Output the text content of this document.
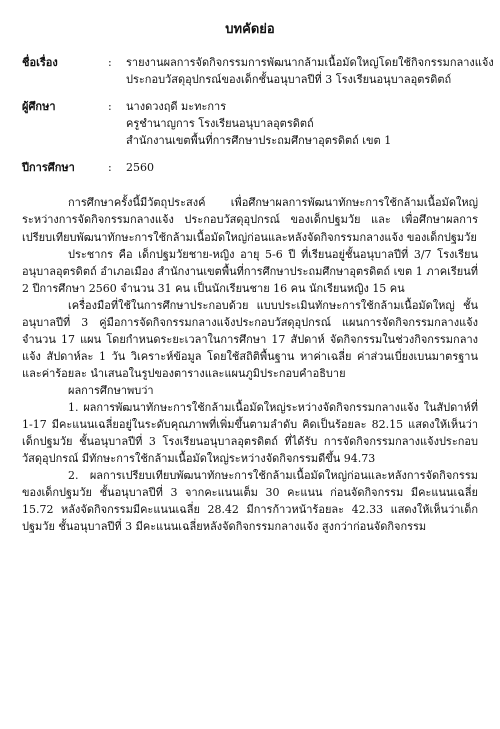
บทคัดย่อ
ชื่อเรื่อง	:	รายงานผลการจัดกิจกรรมการพัฒนากล้ามเนื้อมัดใหญ่โดยใช้กิจกรรมกลางแจ้ง
ประกอบวัสดุอุปกรณ์ของเด็กชั้นอนุบาลปีที่ 3 โรงเรียนอนุบาลอุตรดิตถ์
ผู้ศึกษา	:	นางดวงฤดี มะทะการ
ครูชำนาญการ โรงเรียนอนุบาลอุตรดิตถ์
สำนักงานเขตพื้นที่การศึกษาประถมศึกษาอุตรดิตถ์ เขต 1
ปีการศึกษา	:	2560

การศึกษาครั้งนี้มีวัตถุประสงค์ เพื่อศึกษาผลการพัฒนาทักษะการใช้กล้ามเนื้อมัดใหญ่ระหว่างการจัดกิจกรรมกลางแจ้ง ประกอบวัสดุอุปกรณ์ ของเด็กปฐมวัย และ เพื่อศึกษาผลการเปรียบเทียบพัฒนาทักษะการใช้กล้ามเนื้อมัดใหญ่ก่อนและหลังจัดกิจกรรมกลางแจ้ง ของเด็กปฐมวัย

ประชากร คือ เด็กปฐมวัยชาย-หญิง อายุ 5-6 ปี ที่เรียนอยู่ชั้นอนุบาลปีที่ 3/7 โรงเรียนอนุบาลอุตรดิตถ์ อำเภอเมือง สำนักงานเขตพื้นที่การศึกษาประถมศึกษาอุตรดิตถ์ เขต 1 ภาคเรียนที่ 2 ปีการศึกษา 2560 จำนวน 31 คน เป็นนักเรียนชาย 16 คน นักเรียนหญิง 15 คน

เครื่องมือที่ใช้ในการศึกษาประกอบด้วย แบบประเมินทักษะการใช้กล้ามเนื้อมัดใหญ่ ชั้นอนุบาลปีที่ 3 คู่มือการจัดกิจกรรมกลางแจ้งประกอบวัสดุอุปกรณ์ แผนการจัดกิจกรรมกลางแจ้ง จำนวน 17 แผน โดยกำหนดระยะเวลาในการศึกษา 17 สัปดาห์ จัดกิจกรรมในช่วงกิจกรรมกลางแจ้ง สัปดาห์ละ 1 วัน วิเคราะห์ข้อมูล โดยใช้สถิติพื้นฐาน หาค่าเฉลี่ย ค่าส่วนเบี่ยงเบนมาตรฐาน และค่าร้อยละ นำเสนอในรูปของตารางและแผนภูมิประกอบคำอธิบาย

ผลการศึกษาพบว่า

1. ผลการพัฒนาทักษะการใช้กล้ามเนื้อมัดใหญ่ระหว่างจัดกิจกรรมกลางแจ้ง ในสัปดาห์ที่ 1-17 มีคะแนนเฉลี่ยอยู่ในระดับคุณภาพที่เพิ่มขึ้นตามลำดับ คิดเป็นร้อยละ 82.15 แสดงให้เห็นว่าเด็กปฐมวัย ชั้นอนุบาลปีที่ 3 โรงเรียนอนุบาลอุตรดิตถ์ ที่ได้รับ การจัดกิจกรรมกลางแจ้งประกอบวัสดุอุปกรณ์ มีทักษะการใช้กล้ามเนื้อมัดใหญ่ระหว่างจัดกิจกรรมดีขึ้น 94.73

2. ผลการเปรียบเทียบพัฒนาทักษะการใช้กล้ามเนื้อมัดใหญ่ก่อนและหลังการจัดกิจกรรมของเด็กปฐมวัย ชั้นอนุบาลปีที่ 3 จากคะแนนเต็ม 30 คะแนน ก่อนจัดกิจกรรม มีคะแนนเฉลี่ย 15.72 หลังจัดกิจกรรมมีคะแนนเฉลี่ย 28.42 มีการก้าวหน้าร้อยละ 42.33 แสดงให้เห็นว่าเด็กปฐมวัย ชั้นอนุบาลปีที่ 3 มีคะแนนเฉลี่ยหลังจัดกิจกรรมกลางแจ้ง สูงกว่าก่อนจัดกิจกรรม
